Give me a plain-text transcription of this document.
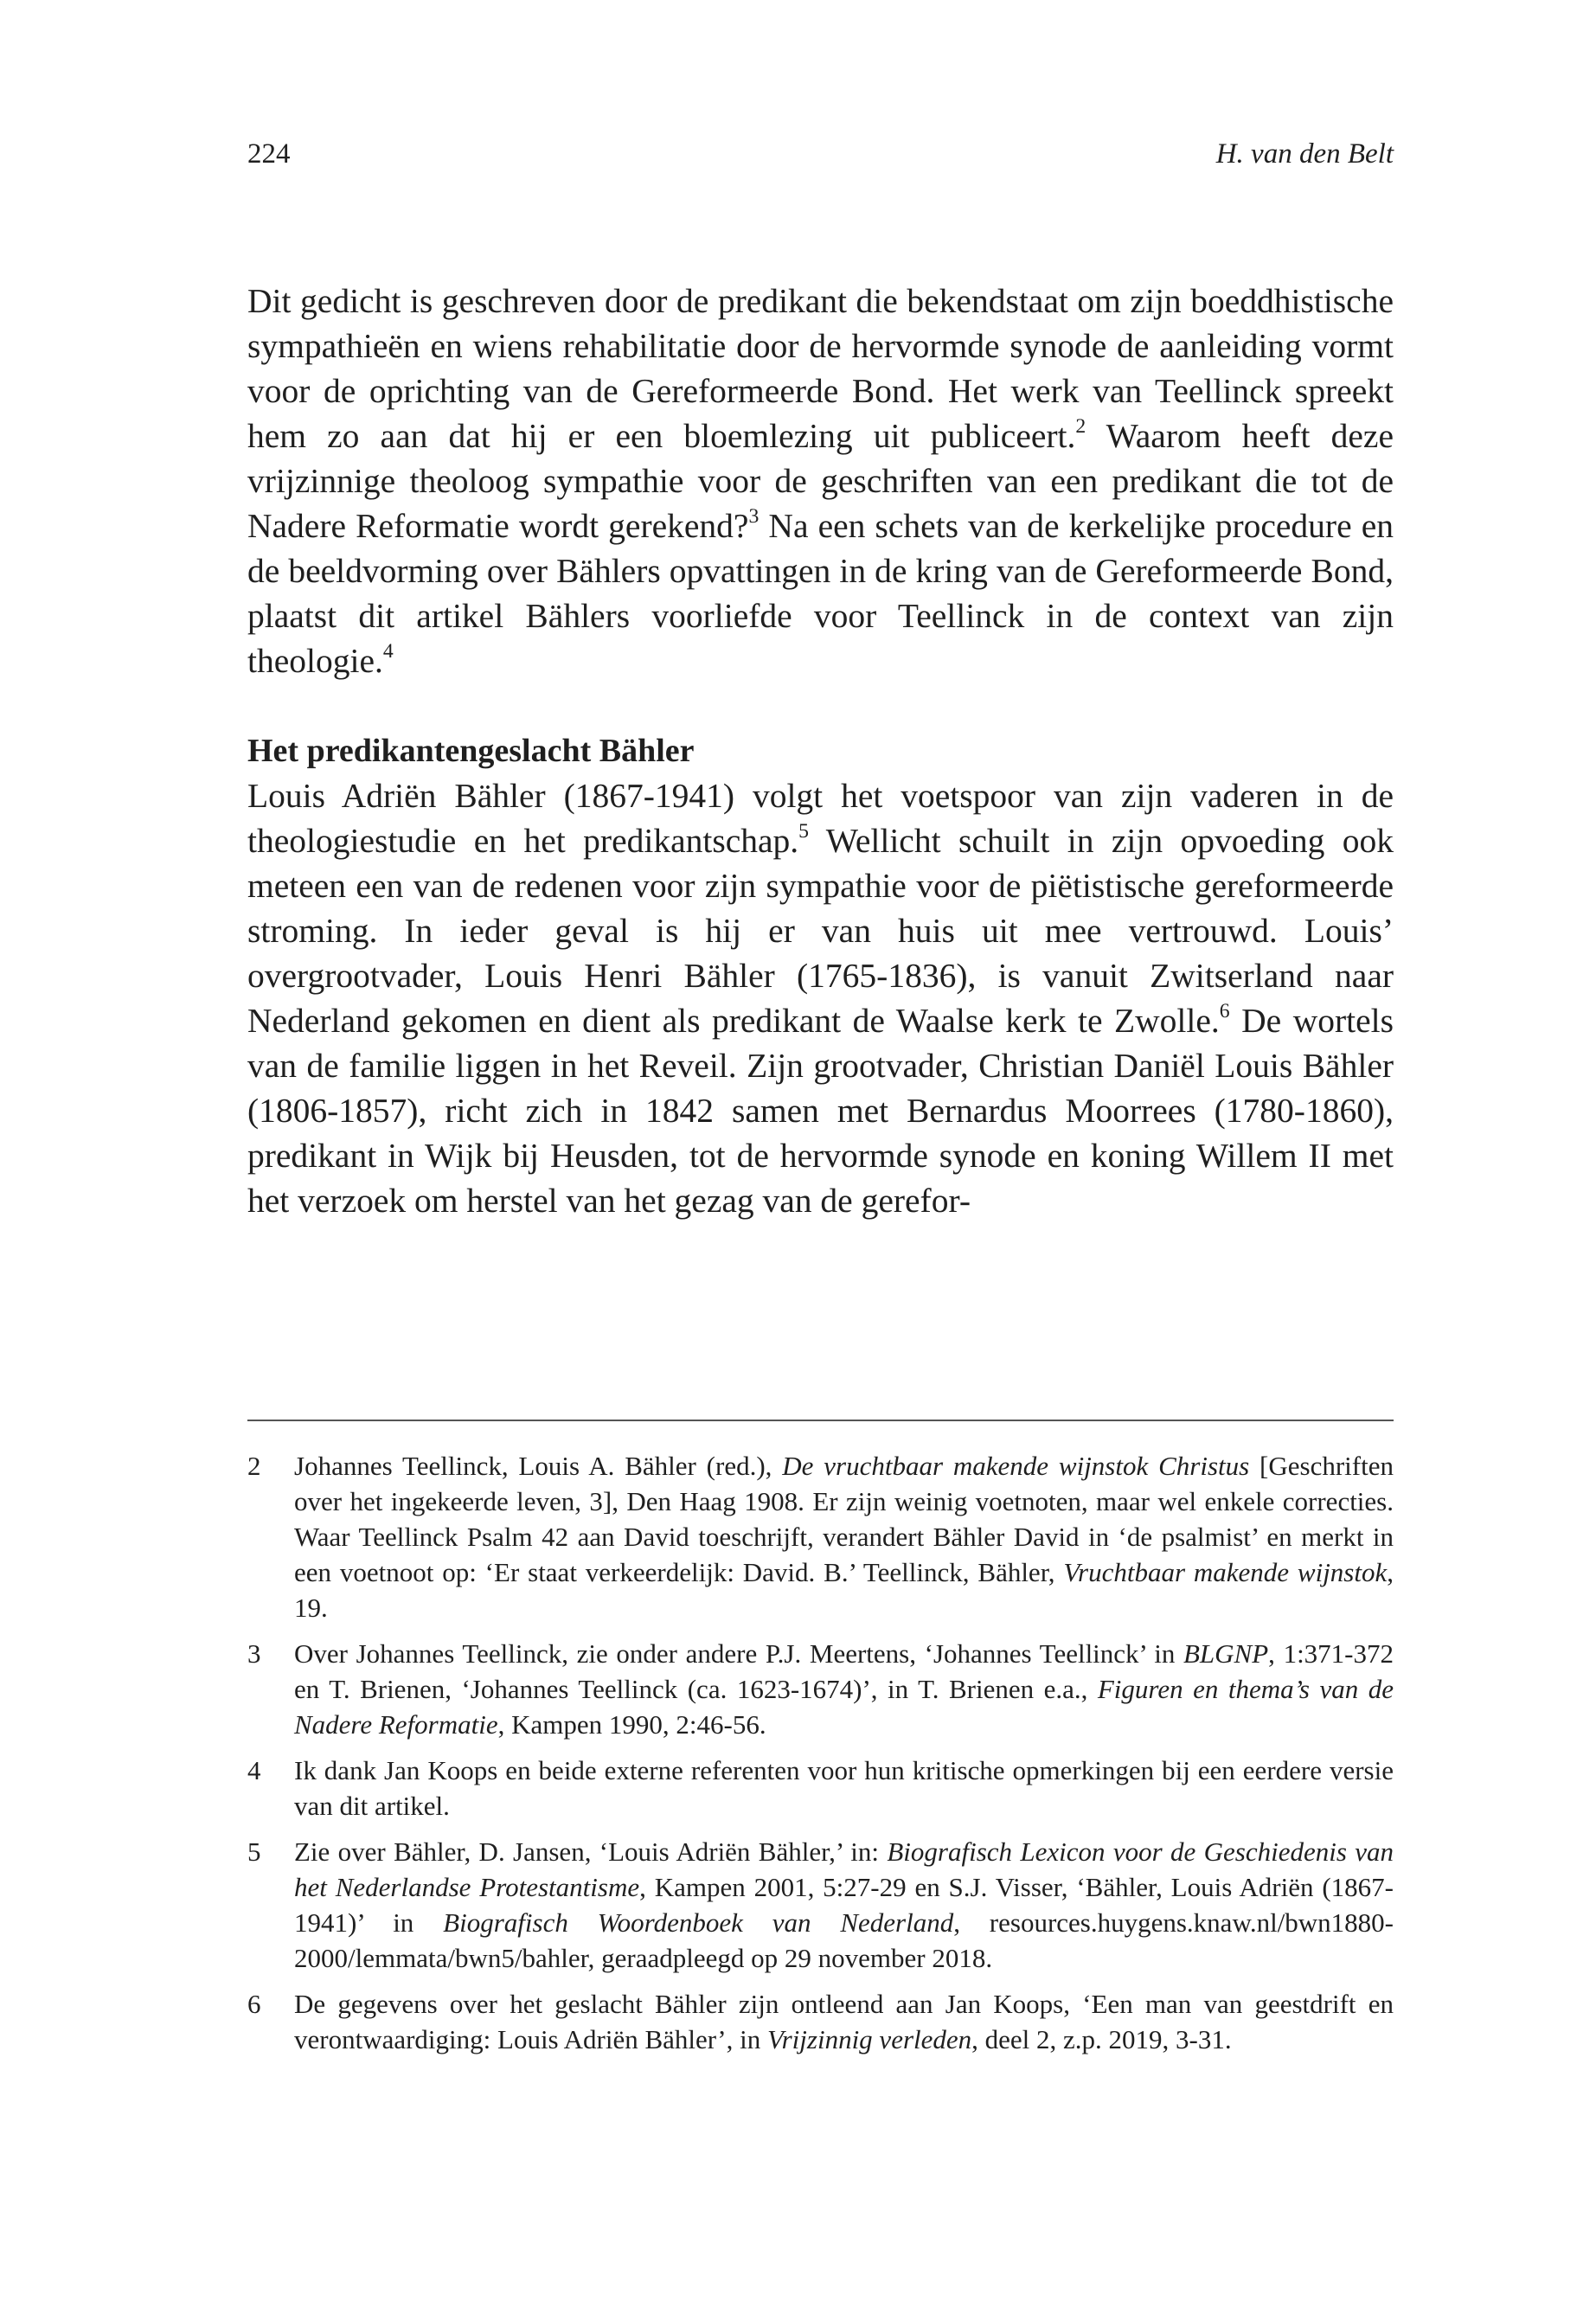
224	H. van den Belt

Dit gedicht is geschreven door de predikant die bekendstaat om zijn boeddhistische sympathieën en wiens rehabilitatie door de hervormde synode de aanleiding vormt voor de oprichting van de Gereformeerde Bond. Het werk van Teellinck spreekt hem zo aan dat hij er een bloemlezing uit publiceert.$^2$ Waarom heeft deze vrijzinnige theoloog sympathie voor de geschriften van een predikant die tot de Nadere Reformatie wordt gerekend?$^3$ Na een schets van de kerkelijke procedure en de beeldvorming over Bählers opvattingen in de kring van de Gereformeerde Bond, plaatst dit artikel Bählers voorliefde voor Teellinck in de context van zijn theologie.$^4$

Het predikantengeslacht Bähler

Louis Adriën Bähler (1867-1941) volgt het voetspoor van zijn vaderen in de theologiestudie en het predikantschap.$^5$ Wellicht schuilt in zijn opvoeding ook meteen een van de redenen voor zijn sympathie voor de piëtistische gereformeerde stroming. In ieder geval is hij er van huis uit mee vertrouwd. Louis’ overgrootvader, Louis Henri Bähler (1765-1836), is vanuit Zwitserland naar Nederland gekomen en dient als predikant de Waalse kerk te Zwolle.$^6$ De wortels van de familie liggen in het Reveil. Zijn grootvader, Christian Daniël Louis Bähler (1806-1857), richt zich in 1842 samen met Bernardus Moorrees (1780-1860), predikant in Wijk bij Heusden, tot de hervormde synode en koning Willem II met het verzoek om herstel van het gezag van de gerefor-

2	Johannes Teellinck, Louis A. Bähler (red.), De vruchtbaar makende wijnstok Christus [Geschriften over het ingekeerde leven, 3], Den Haag 1908. Er zijn weinig voetnoten, maar wel enkele correcties. Waar Teellinck Psalm 42 aan David toeschrijft, verandert Bähler David in ‘de psalmist’ en merkt in een voetnoot op: ‘Er staat verkeerdelijk: David. B.’ Teellinck, Bähler, Vruchtbaar makende wijnstok, 19.
3	Over Johannes Teellinck, zie onder andere P.J. Meertens, ‘Johannes Teellinck’ in BLGNP, 1:371-372 en T. Brienen, ‘Johannes Teellinck (ca. 1623-1674)’, in T. Brienen e.a., Figuren en thema’s van de Nadere Reformatie, Kampen 1990, 2:46-56.
4	Ik dank Jan Koops en beide externe referenten voor hun kritische opmerkingen bij een eerdere versie van dit artikel.
5	Zie over Bähler, D. Jansen, ‘Louis Adriën Bähler,’ in: Biografisch Lexicon voor de Geschiedenis van het Nederlandse Protestantisme, Kampen 2001, 5:27-29 en S.J. Visser, ‘Bähler, Louis Adriën (1867-1941)’ in Biografisch Woordenboek van Nederland, resources.huygens.knaw.nl/bwn1880-2000/lemmata/bwn5/bahler, geraadpleegd op 29 november 2018.
6	De gegevens over het geslacht Bähler zijn ontleend aan Jan Koops, ‘Een man van geestdrift en verontwaardiging: Louis Adriën Bähler’, in Vrijzinnig verleden, deel 2, z.p. 2019, 3-31.
